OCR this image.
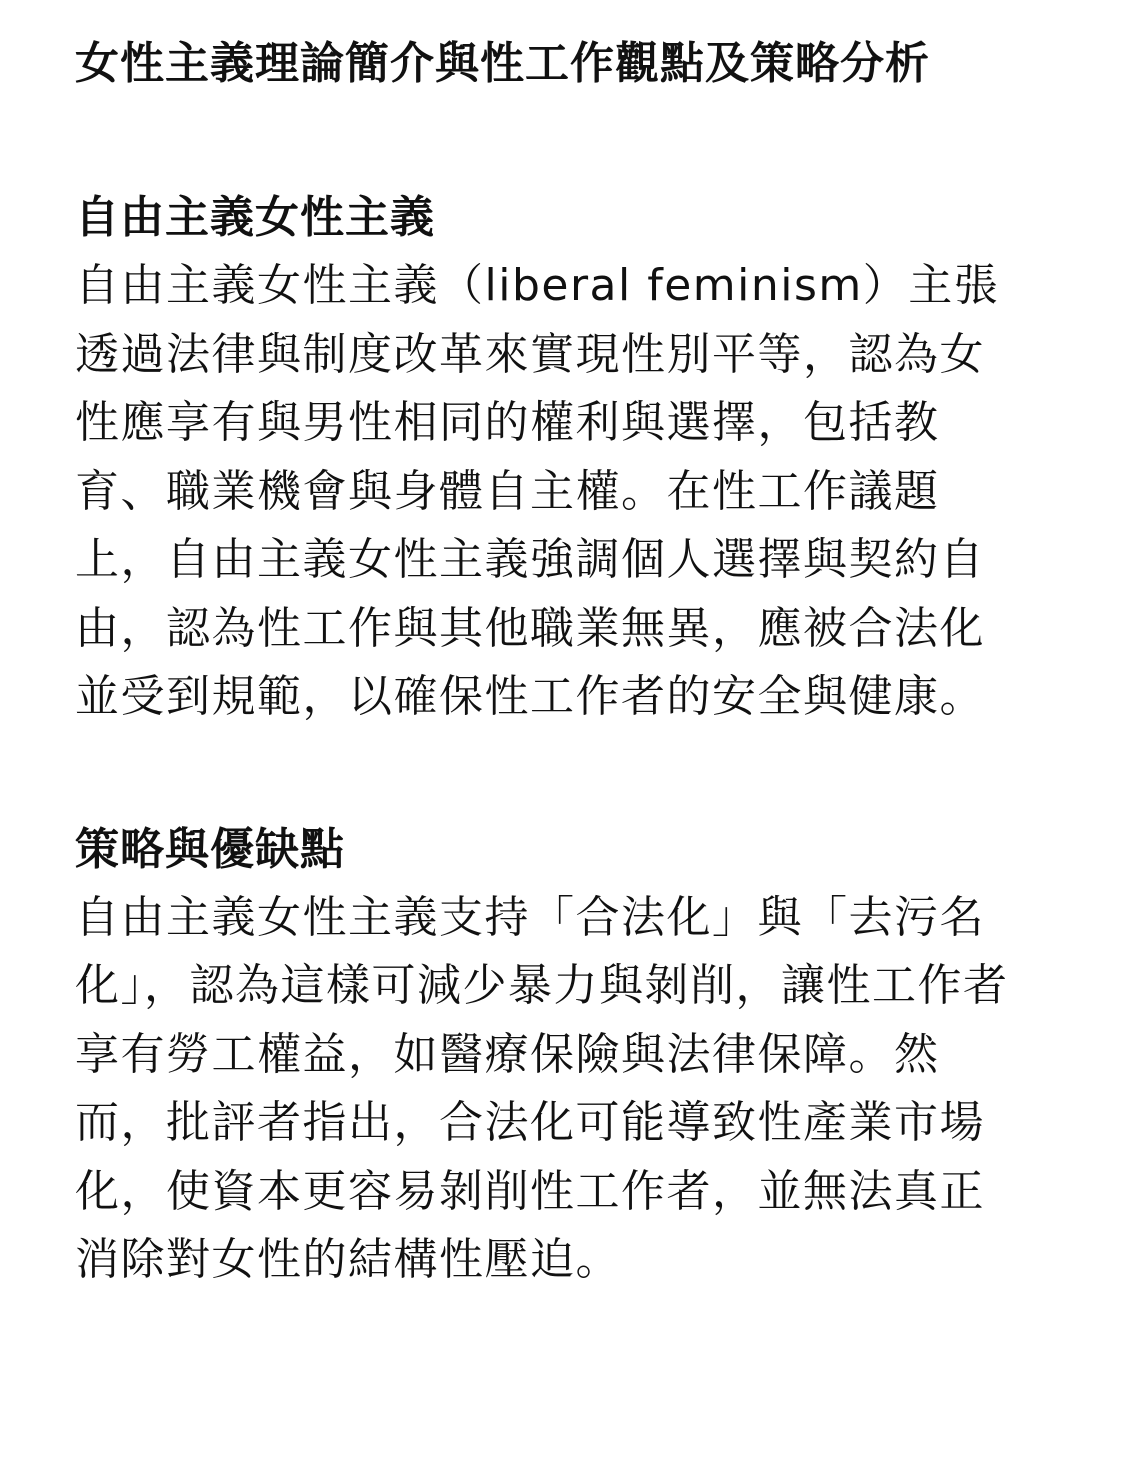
女性主義理論簡介與性工作觀點及策略分析
自由主義女性主義

自由主義女性主義（liberal feminism）主張透過法律與制度改革來實現性別平等，認為女性應享有與男性相同的權利與選擇，包括教育、職業機會與身體自主權。在性工作議題上，自由主義女性主義強調個人選擇與契約自由，認為性工作與其他職業無異，應被合法化並受到規範，以確保性工作者的安全與健康。

策略與優缺點

自由主義女性主義支持「合法化」與「去污名化」，認為這樣可減少暴力與剝削，讓性工作者享有勞工權益，如醫療保險與法律保障。然而，批評者指出，合法化可能導致性產業市場化，使資本更容易剝削性工作者，並無法真正消除對女性的結構性壓迫。
